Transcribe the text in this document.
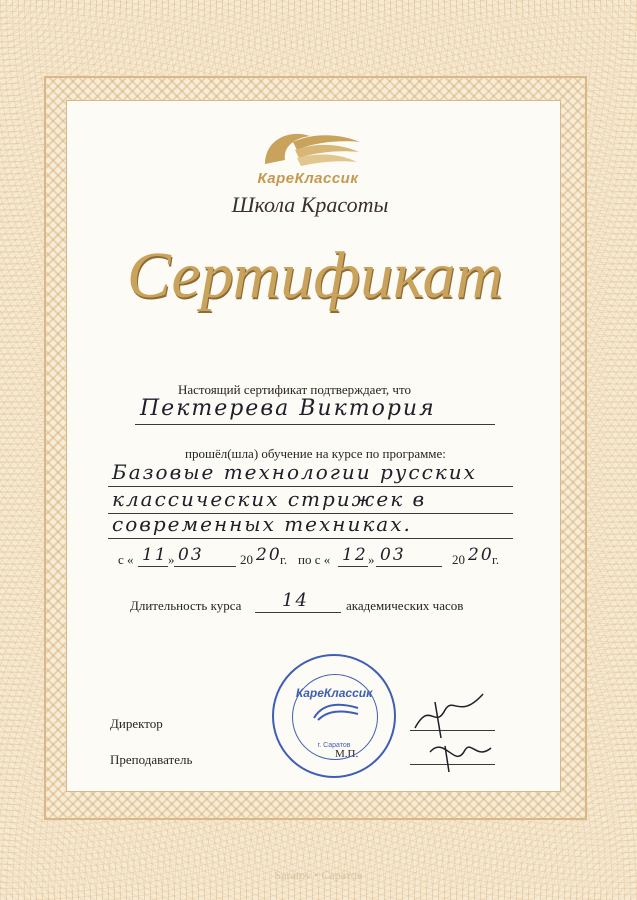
КареКлассик
Школа Красоты
Сертификат
Настоящий сертификат подтверждает, что
Пектерева Виктория
прошёл(шла) обучение на курсе по программе:
Базовые технологии русских
классических стрижек в
современных техниках.
с « 11 » 03	20 20
г. по с « 12 » 03	20 20
г.
Длительность курса 14	академических часов
Директор
Преподаватель	М.П.
КареКлассик
г. Саратов
Saratov • Саратов
